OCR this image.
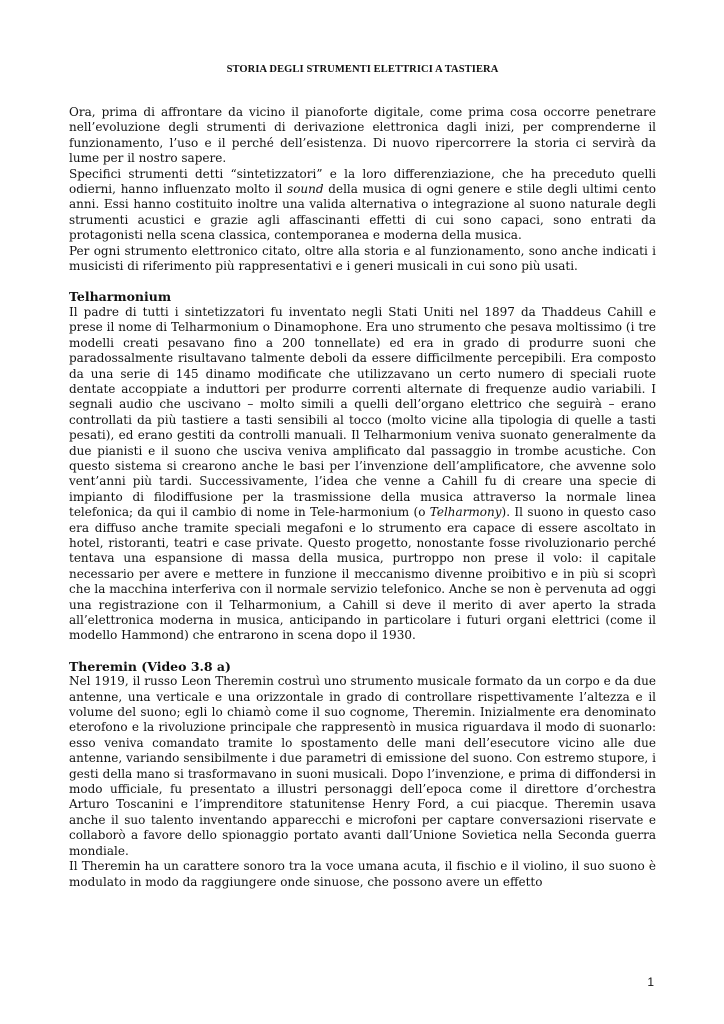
STORIA DEGLI STRUMENTI ELETTRICI A TASTIERA

Ora, prima di affrontare da vicino il pianoforte digitale, come prima cosa occorre penetrare nell’evoluzione degli strumenti di derivazione elettronica dagli inizi, per comprenderne il funzionamento, l’uso e il perché dell’esistenza. Di nuovo ripercorrere la storia ci servirà da lume per il nostro sapere.

Specifici strumenti detti “sintetizzatori” e la loro differenziazione, che ha preceduto quelli odierni, hanno influenzato molto il sound della musica di ogni genere e stile degli ultimi cento anni. Essi hanno costituito inoltre una valida alternativa o integrazione al suono naturale degli strumenti acustici e grazie agli affascinanti effetti di cui sono capaci, sono entrati da protagonisti nella scena classica, contemporanea e moderna della musica.

Per ogni strumento elettronico citato, oltre alla storia e al funzionamento, sono anche indicati i musicisti di riferimento più rappresentativi e i generi musicali in cui sono più usati.

Telharmonium

Il padre di tutti i sintetizzatori fu inventato negli Stati Uniti nel 1897 da Thaddeus Cahill e prese il nome di Telharmonium o Dinamophone. Era uno strumento che pesava moltissimo (i tre modelli creati pesavano fino a 200 tonnellate) ed era in grado di produrre suoni che paradossalmente risultavano talmente deboli da essere difficilmente percepibili. Era composto da una serie di 145 dinamo modificate che utilizzavano un certo numero di speciali ruote dentate accoppiate a induttori per produrre correnti alternate di frequenze audio variabili. I segnali audio che uscivano – molto simili a quelli dell’organo elettrico che seguirà – erano controllati da più tastiere a tasti sensibili al tocco (molto vicine alla tipologia di quelle a tasti pesati), ed erano gestiti da controlli manuali. Il Telharmonium veniva suonato generalmente da due pianisti e il suono che usciva veniva amplificato dal passaggio in trombe acustiche. Con questo sistema si crearono anche le basi per l’invenzione dell’amplificatore, che avvenne solo vent’anni più tardi. Successivamente, l’idea che venne a Cahill fu di creare una specie di impianto di filodiffusione per la trasmissione della musica attraverso la normale linea telefonica; da qui il cambio di nome in Tele-harmonium (o Telharmony). Il suono in questo caso era diffuso anche tramite speciali megafoni e lo strumento era capace di essere ascoltato in hotel, ristoranti, teatri e case private. Questo progetto, nonostante fosse rivoluzionario perché tentava una espansione di massa della musica, purtroppo non prese il volo: il capitale necessario per avere e mettere in funzione il meccanismo divenne proibitivo e in più si scoprì che la macchina interferiva con il normale servizio telefonico. Anche se non è pervenuta ad oggi una registrazione con il Telharmonium, a Cahill si deve il merito di aver aperto la strada all’elettronica moderna in musica, anticipando in particolare i futuri organi elettrici (come il modello Hammond) che entrarono in scena dopo il 1930.

Theremin (Video 3.8 a)

Nel 1919, il russo Leon Theremin costruì uno strumento musicale formato da un corpo e da due antenne, una verticale e una orizzontale in grado di controllare rispettivamente l’altezza e il volume del suono; egli lo chiamò come il suo cognome, Theremin. Inizialmente era denominato eterofono e la rivoluzione principale che rappresentò in musica riguardava il modo di suonarlo: esso veniva comandato tramite lo spostamento delle mani dell’esecutore vicino alle due antenne, variando sensibilmente i due parametri di emissione del suono. Con estremo stupore, i gesti della mano si trasformavano in suoni musicali. Dopo l’invenzione, e prima di diffondersi in modo ufficiale, fu presentato a illustri personaggi dell’epoca come il direttore d’orchestra Arturo Toscanini e l’imprenditore statunitense Henry Ford, a cui piacque. Theremin usava anche il suo talento inventando apparecchi e microfoni per captare conversazioni riservate e collaborò a favore dello spionaggio portato avanti dall’Unione Sovietica nella Seconda guerra mondiale.

Il Theremin ha un carattere sonoro tra la voce umana acuta, il fischio e il violino, il suo suono è modulato in modo da raggiungere onde sinuose, che possono avere un effetto

1
